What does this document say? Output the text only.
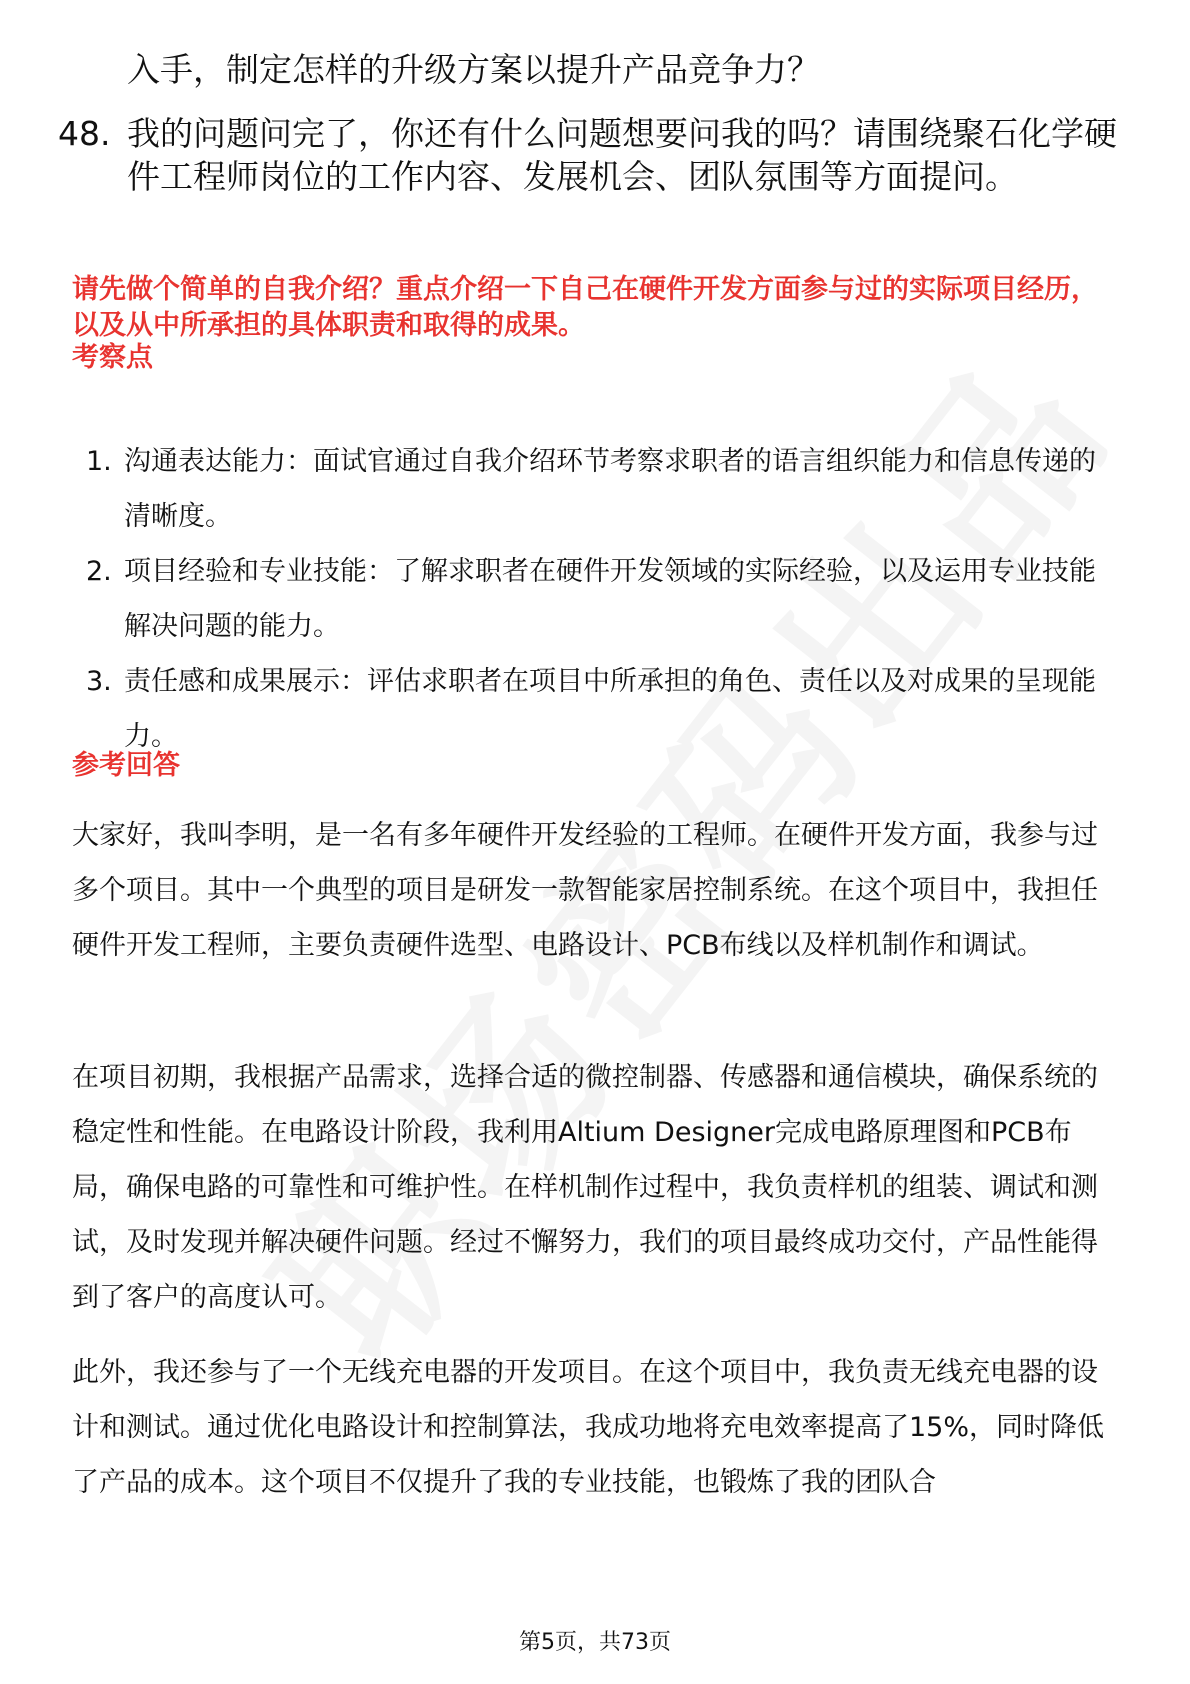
入手，制定怎样的升级方案以提升产品竞争力？

48. 我的问题问完了，你还有什么问题想要问我的吗？请围绕聚石化学硬件工程师岗位的工作内容、发展机会、团队氛围等方面提问。

请先做个简单的自我介绍？重点介绍一下自己在硬件开发方面参与过的实际项目经历，以及从中所承担的具体职责和取得的成果。

考察点
1. 沟通表达能力：面试官通过自我介绍环节考察求职者的语言组织能力和信息传递的清晰度。
2. 项目经验和专业技能：了解求职者在硬件开发领域的实际经验，以及运用专业技能解决问题的能力。
3. 责任感和成果展示：评估求职者在项目中所承担的角色、责任以及对成果的呈现能力。
参考回答

大家好，我叫李明，是一名有多年硬件开发经验的工程师。在硬件开发方面，我参与过多个项目。其中一个典型的项目是研发一款智能家居控制系统。在这个项目中，我担任硬件开发工程师，主要负责硬件选型、电路设计、PCB布线以及样机制作和调试。

在项目初期，我根据产品需求，选择合适的微控制器、传感器和通信模块，确保系统的稳定性和性能。在电路设计阶段，我利用Altium Designer完成电路原理图和PCB布局，确保电路的可靠性和可维护性。在样机制作过程中，我负责样机的组装、调试和测试，及时发现并解决硬件问题。经过不懈努力，我们的项目最终成功交付，产品性能得到了客户的高度认可。

此外，我还参与了一个无线充电器的开发项目。在这个项目中，我负责无线充电器的设计和测试。通过优化电路设计和控制算法，我成功地将充电效率提高了15%，同时降低了产品的成本。这个项目不仅提升了我的专业技能，也锻炼了我的团队合

第5页，共73页
